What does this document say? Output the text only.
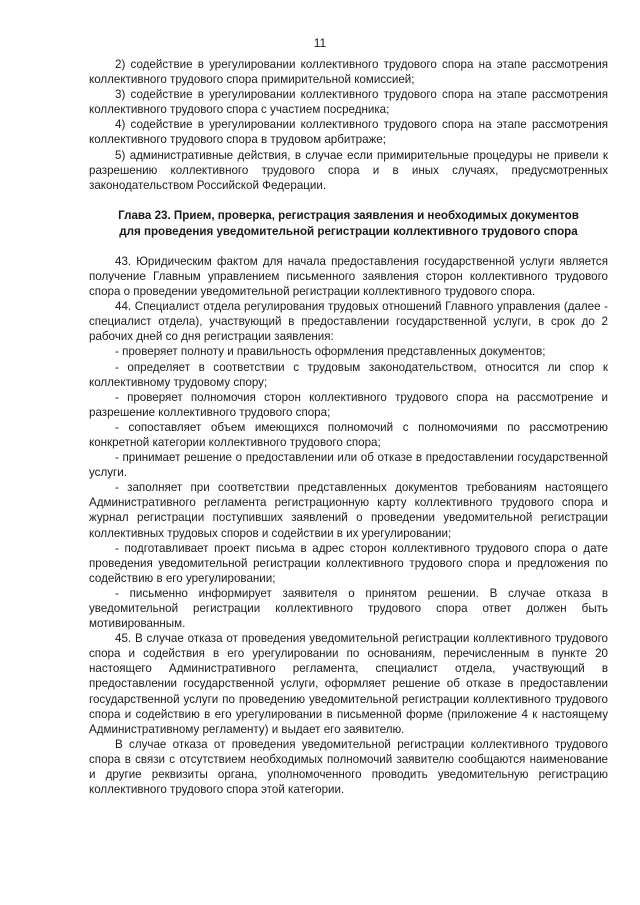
11

2) содействие в урегулировании коллективного трудового спора на этапе рассмотрения коллективного трудового спора примирительной комиссией;

3) содействие в урегулировании коллективного трудового спора на этапе рассмотрения коллективного трудового спора с участием посредника;

4) содействие в урегулировании коллективного трудового спора на этапе рассмотрения коллективного трудового спора в трудовом арбитраже;

5) административные действия, в случае если примирительные процедуры не привели к разрешению коллективного трудового спора и в иных случаях, предусмотренных законодательством Российской Федерации.

Глава 23. Прием, проверка, регистрация заявления и необходимых документов
для проведения уведомительной регистрации коллективного трудового спора

43. Юридическим фактом для начала предоставления государственной услуги является получение Главным управлением письменного заявления сторон коллективного трудового спора о проведении уведомительной регистрации коллективного трудового спора.

44. Специалист отдела регулирования трудовых отношений Главного управления (далее - специалист отдела), участвующий в предоставлении государственной услуги, в срок до 2 рабочих дней со дня регистрации заявления:

- проверяет полноту и правильность оформления представленных документов;

- определяет в соответствии с трудовым законодательством, относится ли спор к коллективному трудовому спору;

- проверяет полномочия сторон коллективного трудового спора на рассмотрение и разрешение коллективного трудового спора;

- сопоставляет объем имеющихся полномочий с полномочиями по рассмотрению конкретной категории коллективного трудового спора;

- принимает решение о предоставлении или об отказе в предоставлении государственной услуги.

- заполняет при соответствии представленных документов требованиям настоящего Административного регламента регистрационную карту коллективного трудового спора и журнал регистрации поступивших заявлений о проведении уведомительной регистрации коллективных трудовых споров и содействии в их урегулировании;

- подготавливает проект письма в адрес сторон коллективного трудового спора о дате проведения уведомительной регистрации коллективного трудового спора и предложения по содействию в его урегулировании;

- письменно информирует заявителя о принятом решении. В случае отказа в уведомительной регистрации коллективного трудового спора ответ должен быть мотивированным.

45. В случае отказа от проведения уведомительной регистрации коллективного трудового спора и содействия в его урегулировании по основаниям, перечисленным в пункте 20 настоящего Административного регламента, специалист отдела, участвующий в предоставлении государственной услуги, оформляет решение об отказе в предоставлении государственной услуги по проведению уведомительной регистрации коллективного трудового спора и содействию в его урегулировании в письменной форме (приложение 4 к настоящему Административному регламенту) и выдает его заявителю.

В случае отказа от проведения уведомительной регистрации коллективного трудового спора в связи с отсутствием необходимых полномочий заявителю сообщаются наименование и другие реквизиты органа, уполномоченного проводить уведомительную регистрацию коллективного трудового спора этой категории.
